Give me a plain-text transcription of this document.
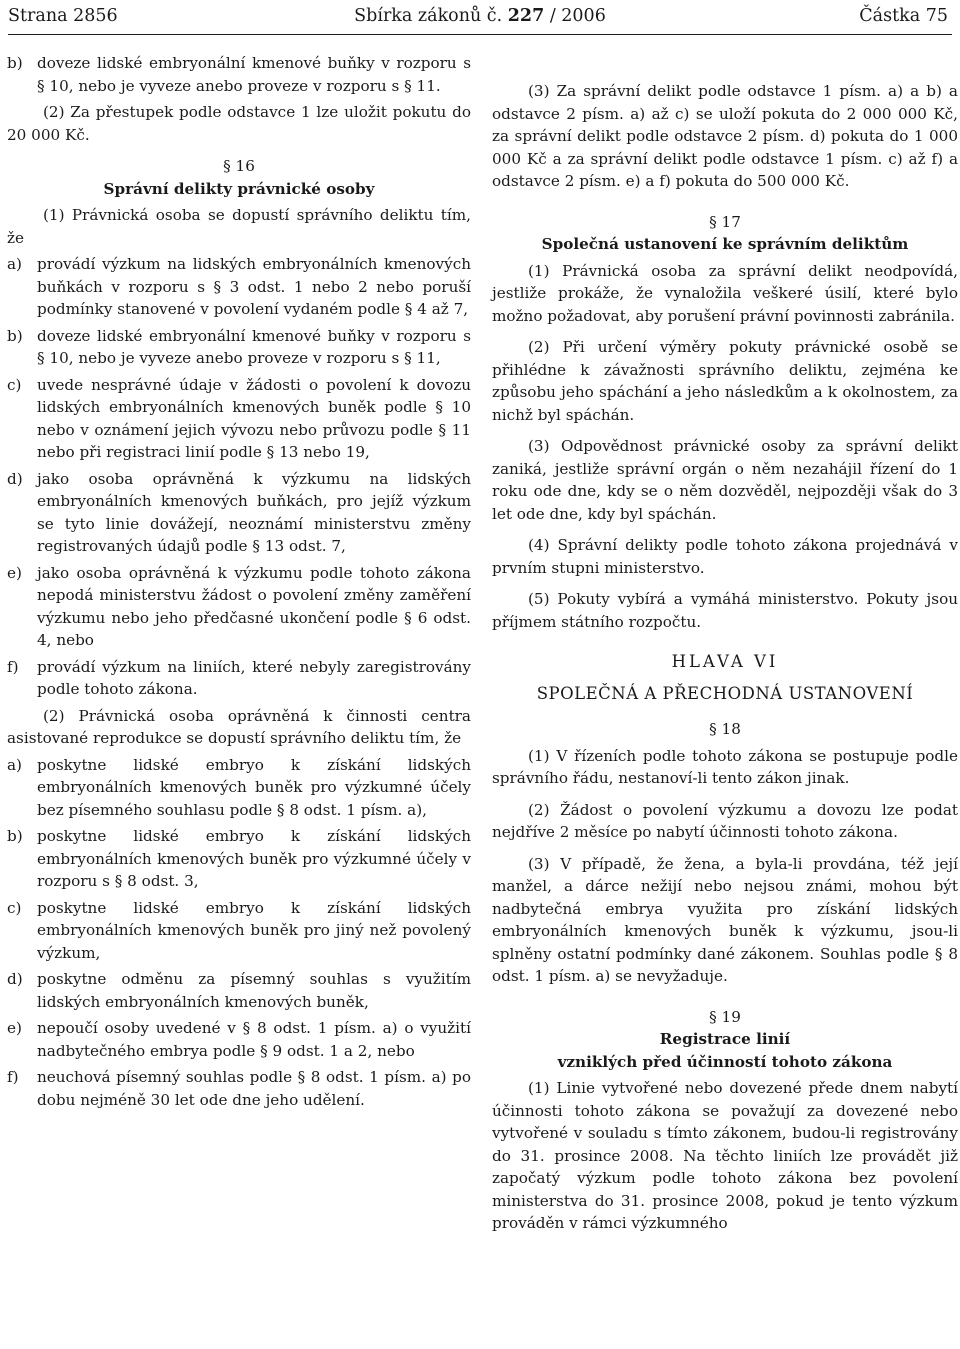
Strana 2856	Sbírka zákonů č. 227 / 2006	Částka 75
b) doveze lidské embryonální kmenové buňky v rozporu s § 10, nebo je vyveze anebo proveze v rozporu s § 11.

(2) Za přestupek podle odstavce 1 lze uložit pokutu do 20 000 Kč.

§ 16

Správní delikty právnické osoby

(1) Právnická osoba se dopustí správního deliktu tím, že

a) provádí výzkum na lidských embryonálních kmenových buňkách v rozporu s § 3 odst. 1 nebo 2 nebo poruší podmínky stanovené v povolení vydaném podle § 4 až 7,
b) doveze lidské embryonální kmenové buňky v rozporu s § 10, nebo je vyveze anebo proveze v rozporu s § 11,
c) uvede nesprávné údaje v žádosti o povolení k dovozu lidských embryonálních kmenových buněk podle § 10 nebo v oznámení jejich vývozu nebo průvozu podle § 11 nebo při registraci linií podle § 13 nebo 19,
d) jako osoba oprávněná k výzkumu na lidských embryonálních kmenových buňkách, pro jejíž výzkum se tyto linie dovážejí, neoznámí ministerstvu změny registrovaných údajů podle § 13 odst. 7,
e) jako osoba oprávněná k výzkumu podle tohoto zákona nepodá ministerstvu žádost o povolení změny zaměření výzkumu nebo jeho předčasné ukončení podle § 6 odst. 4, nebo
f) provádí výzkum na liniích, které nebyly zaregistrovány podle tohoto zákona.

(2) Právnická osoba oprávněná k činnosti centra asistované reprodukce se dopustí správního deliktu tím, že

a) poskytne lidské embryo k získání lidských embryonálních kmenových buněk pro výzkumné účely bez písemného souhlasu podle § 8 odst. 1 písm. a),
b) poskytne lidské embryo k získání lidských embryonálních kmenových buněk pro výzkumné účely v rozporu s § 8 odst. 3,
c) poskytne lidské embryo k získání lidských embryonálních kmenových buněk pro jiný než povolený výzkum,
d) poskytne odměnu za písemný souhlas s využitím lidských embryonálních kmenových buněk,
e) nepoučí osoby uvedené v § 8 odst. 1 písm. a) o využití nadbytečného embrya podle § 9 odst. 1 a 2, nebo
f) neuchová písemný souhlas podle § 8 odst. 1 písm. a) po dobu nejméně 30 let ode dne jeho udělení.

(3) Za správní delikt podle odstavce 1 písm. a) a b) a odstavce 2 písm. a) až c) se uloží pokuta do 2 000 000 Kč, za správní delikt podle odstavce 2 písm. d) pokuta do 1 000 000 Kč a za správní delikt podle odstavce 1 písm. c) až f) a odstavce 2 písm. e) a f) pokuta do 500 000 Kč.

§ 17

Společná ustanovení ke správním deliktům

(1) Právnická osoba za správní delikt neodpovídá, jestliže prokáže, že vynaložila veškeré úsilí, které bylo možno požadovat, aby porušení právní povinnosti zabránila.

(2) Při určení výměry pokuty právnické osobě se přihlédne k závažnosti správního deliktu, zejména ke způsobu jeho spáchání a jeho následkům a k okolnostem, za nichž byl spáchán.

(3) Odpovědnost právnické osoby za správní delikt zaniká, jestliže správní orgán o něm nezahájil řízení do 1 roku ode dne, kdy se o něm dozvěděl, nejpozději však do 3 let ode dne, kdy byl spáchán.

(4) Správní delikty podle tohoto zákona projednává v prvním stupni ministerstvo.

(5) Pokuty vybírá a vymáhá ministerstvo. Pokuty jsou příjmem státního rozpočtu.

HLAVA VI

SPOLEČNÁ A PŘECHODNÁ USTANOVENÍ

§ 18

(1) V řízeních podle tohoto zákona se postupuje podle správního řádu, nestanoví-li tento zákon jinak.

(2) Žádost o povolení výzkumu a dovozu lze podat nejdříve 2 měsíce po nabytí účinnosti tohoto zákona.

(3) V případě, že žena, a byla-li provdána, též její manžel, a dárce nežijí nebo nejsou známi, mohou být nadbytečná embrya využita pro získání lidských embryonálních kmenových buněk k výzkumu, jsou-li splněny ostatní podmínky dané zákonem. Souhlas podle § 8 odst. 1 písm. a) se nevyžaduje.

§ 19

Registrace linií

vzniklých před účinností tohoto zákona

(1) Linie vytvořené nebo dovezené přede dnem nabytí účinnosti tohoto zákona se považují za dovezené nebo vytvořené v souladu s tímto zákonem, budou-li registrovány do 31. prosince 2008. Na těchto liniích lze provádět již započatý výzkum podle tohoto zákona bez povolení ministerstva do 31. prosince 2008, pokud je tento výzkum prováděn v rámci výzkumného
